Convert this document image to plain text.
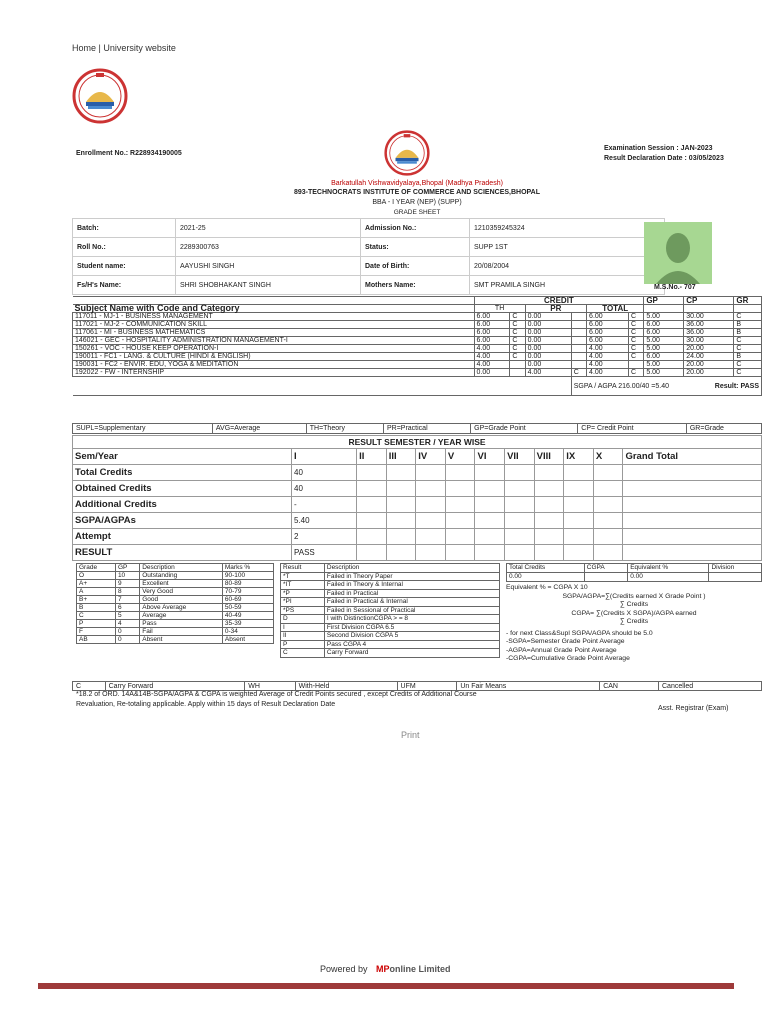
Home | University website
Enrollment No.: R228934190005
Examination Session : JAN-2023
Result Declaration Date : 03/05/2023
Barkatullah Vishwavidyalaya,Bhopal (Madhya Pradesh)
893-TECHNOCRATS INSTITUTE OF COMMERCE AND SCIENCES,BHOPAL
BBA - I YEAR (NEP) (SUPP)
GRADE SHEET
Batch:	2021-25	Admission No.:	1210359245324	
Roll No.:	2289300763	Status:	SUPP 1ST	
Student name:	AAYUSHI SINGH	Date of Birth:	20/08/2004	
Fs/H's Name:	SHRI SHOBHAKANT SINGH	Mothers Name:	SMT PRAMILA SINGH		M.S.No.- 707
	CREDIT						GP	CP	GR
Subject Name with Code and Category	TH		PR		TOTAL				
117011 - MJ-1 - BUSINESS MANAGEMENT	6.00	C	0.00		6.00	C	5.00	30.00	C
117021 - MJ-2 - COMMUNICATION SKILL	6.00	C	0.00		6.00	C	6.00	36.00	B
117061 - MI - BUSINESS MATHEMATICS	6.00	C	0.00		6.00	C	6.00	36.00	B
146021 - GEC - HOSPITALITY ADMINISTRATION MANAGEMENT-I	6.00	C	0.00		6.00	C	5.00	30.00	C
150261 - VOC - HOUSE KEEP OPERATION-I	4.00	C	0.00		4.00	C	5.00	20.00	C
190011 - FC1 - LANG. & CULTURE (HINDI & ENGLISH)	4.00	C	0.00		4.00	C	6.00	24.00	B
190031 - FC2 - ENVIR. EDU, YOGA & MEDITATION	4.00		0.00		4.00		5.00	20.00	C
192022 - FW - INTERNSHIP	0.00		4.00	C	4.00	C	5.00	20.00	C
				SGPA / AGPA 216.00/40 =5.40 Result: PASS					
SUPL=Supplementary	AVG=Average	TH=Theory	PR=Practical	GP=Grade Point	CP= Credit Point	GR=Grade
RESULT SEMESTER / YEAR WISE											
Sem/Year	I	II	III	IV	V	VI	VII	VIII	IX	X	Grand Total
Total Credits	40										
Obtained Credits	40										
Additional Credits	-										
SGPA/AGPAs	5.40										
Attempt	2										
RESULT	PASS										
Grade	GP	Description	Marks %
O	10	Outstanding	90-100
A+	9	Excellent	80-89
A	8	Very Good	70-79
B+	7	Good	60-69
B	6	Above Average	50-59
C	5	Average	40-49
P	4	Pass	35-39
F	0	Fail	0-34
AB	0	Absent	Absent
Result	Description
*T	Failed in Theory Paper
*IT	Failed in Theory & Internal
*P	Failed in Practical
*PI	Failed in Practical & Internal
*PS	Failed in Sessional of Practical
D	I with DistinctionCGPA > = 8
I	First Division CGPA 6.5
II	Second Division CGPA 5
P	Pass CGPA 4
C	Carry Forward
Total Credits	CGPA	Equivalent %	Division
0.00		0.00	
Equivalent % = CGPA X 10
SGPA/AGPA=∑(Credits earned X Grade Point )
∑ Credits
CGPA= ∑(Credits X SGPA)/AGPA earned
∑ Credits
- for next Class&Supl SGPA/AGPA should be 5.0
-SGPA=Semester Grade Point Average
-AGPA=Annual Grade Point Average
-CGPA=Cumulative Grade Point Average
C	Carry Forward	WH	With-Held	UFM	Un Fair Means	CAN	Cancelled
*18.2 of ORD. 14A&14B-SGPA/AGPA & CGPA is weighted Average of Credit Points secured , except Credits of Additional Course
Revaluation, Re-totaling applicable. Apply within 15 days of Result Declaration Date
Asst. Registrar (Exam)
Print
Powered by MPonline Limited
